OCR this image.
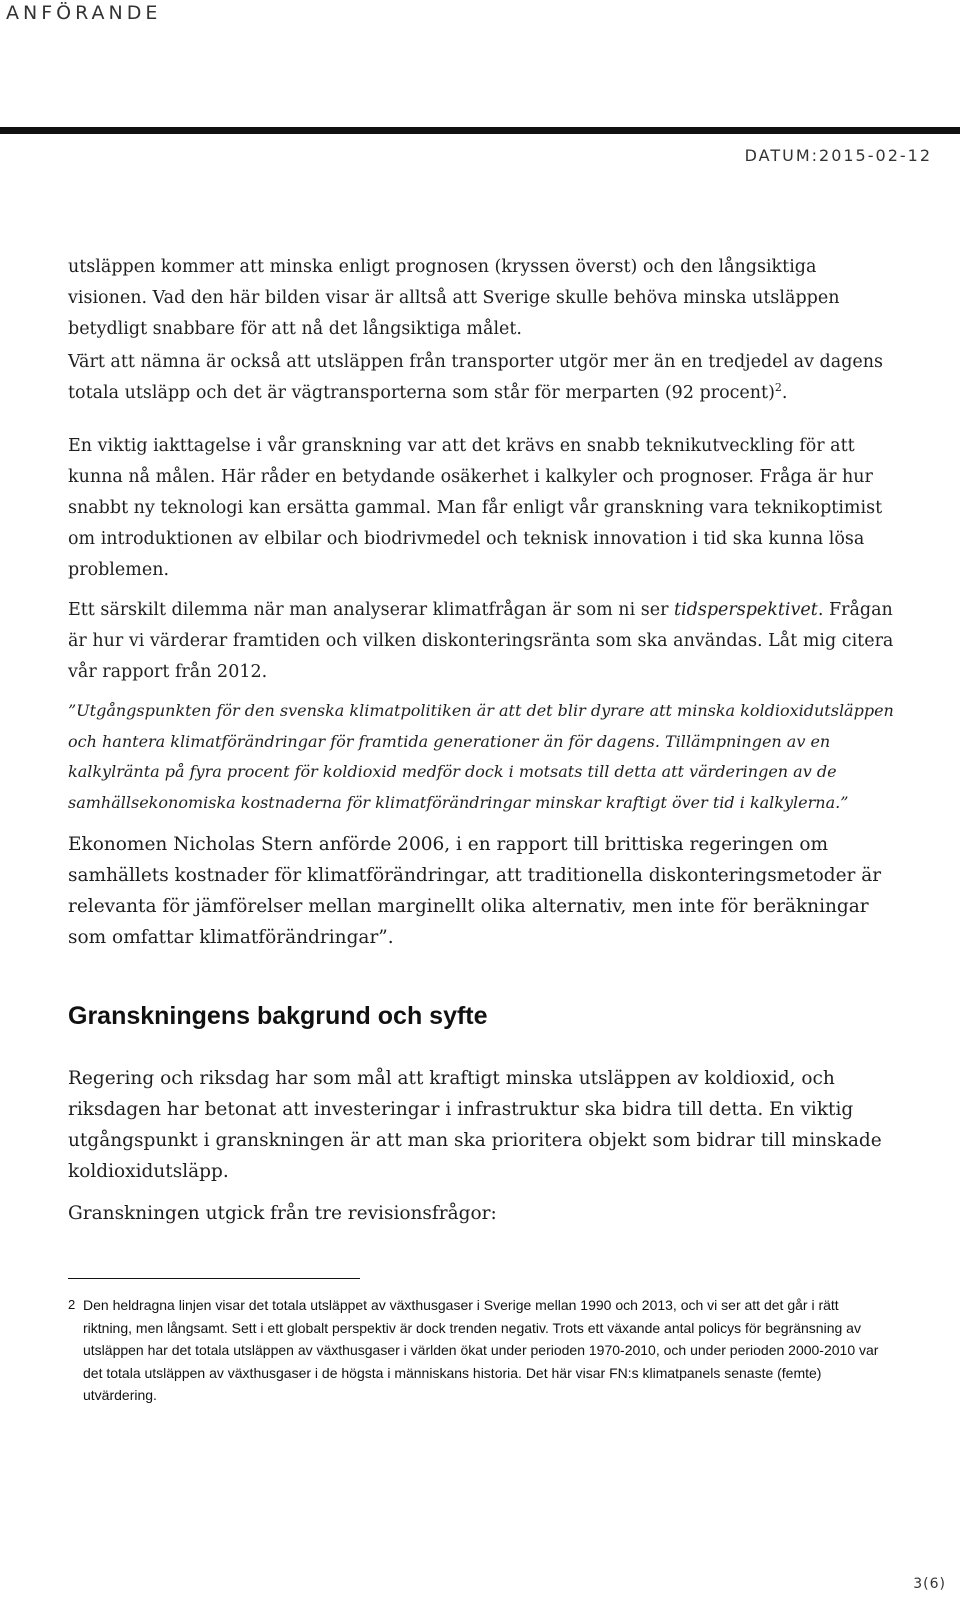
ANFÖRANDE
DATUM:2015-02-12

utsläppen kommer att minska enligt prognosen (kryssen överst) och den långsiktiga visionen. Vad den här bilden visar är alltså att Sverige skulle behöva minska utsläppen betydligt snabbare för att nå det långsiktiga målet.

Värt att nämna är också att utsläppen från transporter utgör mer än en tredjedel av dagens totala utsläpp och det är vägtransporterna som står för merparten (92 procent)$^2$.

En viktig iakttagelse i vår granskning var att det krävs en snabb teknikutveckling för att kunna nå målen. Här råder en betydande osäkerhet i kalkyler och prognoser. Fråga är hur snabbt ny teknologi kan ersätta gammal. Man får enligt vår granskning vara teknikoptimist om introduktionen av elbilar och biodrivmedel och teknisk innovation i tid ska kunna lösa problemen.

Ett särskilt dilemma när man analyserar klimatfrågan är som ni ser tidsperspektivet. Frågan är hur vi värderar framtiden och vilken diskonteringsränta som ska användas. Låt mig citera vår rapport från 2012.

”Utgångspunkten för den svenska klimatpolitiken är att det blir dyrare att minska koldioxidutsläppen och hantera klimatförändringar för framtida generationer än för dagens. Tillämpningen av en kalkylränta på fyra procent för koldioxid medför dock i motsats till detta att värderingen av de samhällsekonomiska kostnaderna för klimatförändringar minskar kraftigt över tid i kalkylerna.”

Ekonomen Nicholas Stern anförde 2006, i en rapport till brittiska regeringen om samhällets kostnader för klimatförändringar, att traditionella diskonteringsmetoder är relevanta för jämförelser mellan marginellt olika alternativ, men inte för beräkningar som omfattar klimatförändringar”.

Granskningens bakgrund och syfte

Regering och riksdag har som mål att kraftigt minska utsläppen av koldioxid, och riksdagen har betonat att investeringar i infrastruktur ska bidra till detta. En viktig utgångspunkt i granskningen är att man ska prioritera objekt som bidrar till minskade koldioxidutsläpp.

Granskningen utgick från tre revisionsfrågor:

2 Den heldragna linjen visar det totala utsläppet av växthusgaser i Sverige mellan 1990 och 2013, och vi ser att det går i rätt riktning, men långsamt. Sett i ett globalt perspektiv är dock trenden negativ. Trots ett växande antal policys för begränsning av utsläppen har det totala utsläppen av växthusgaser i världen ökat under perioden 1970-2010, och under perioden 2000-2010 var det totala utsläppen av växthusgaser i de högsta i människans historia. Det här visar FN:s klimatpanels senaste (femte) utvärdering.
3(6)
